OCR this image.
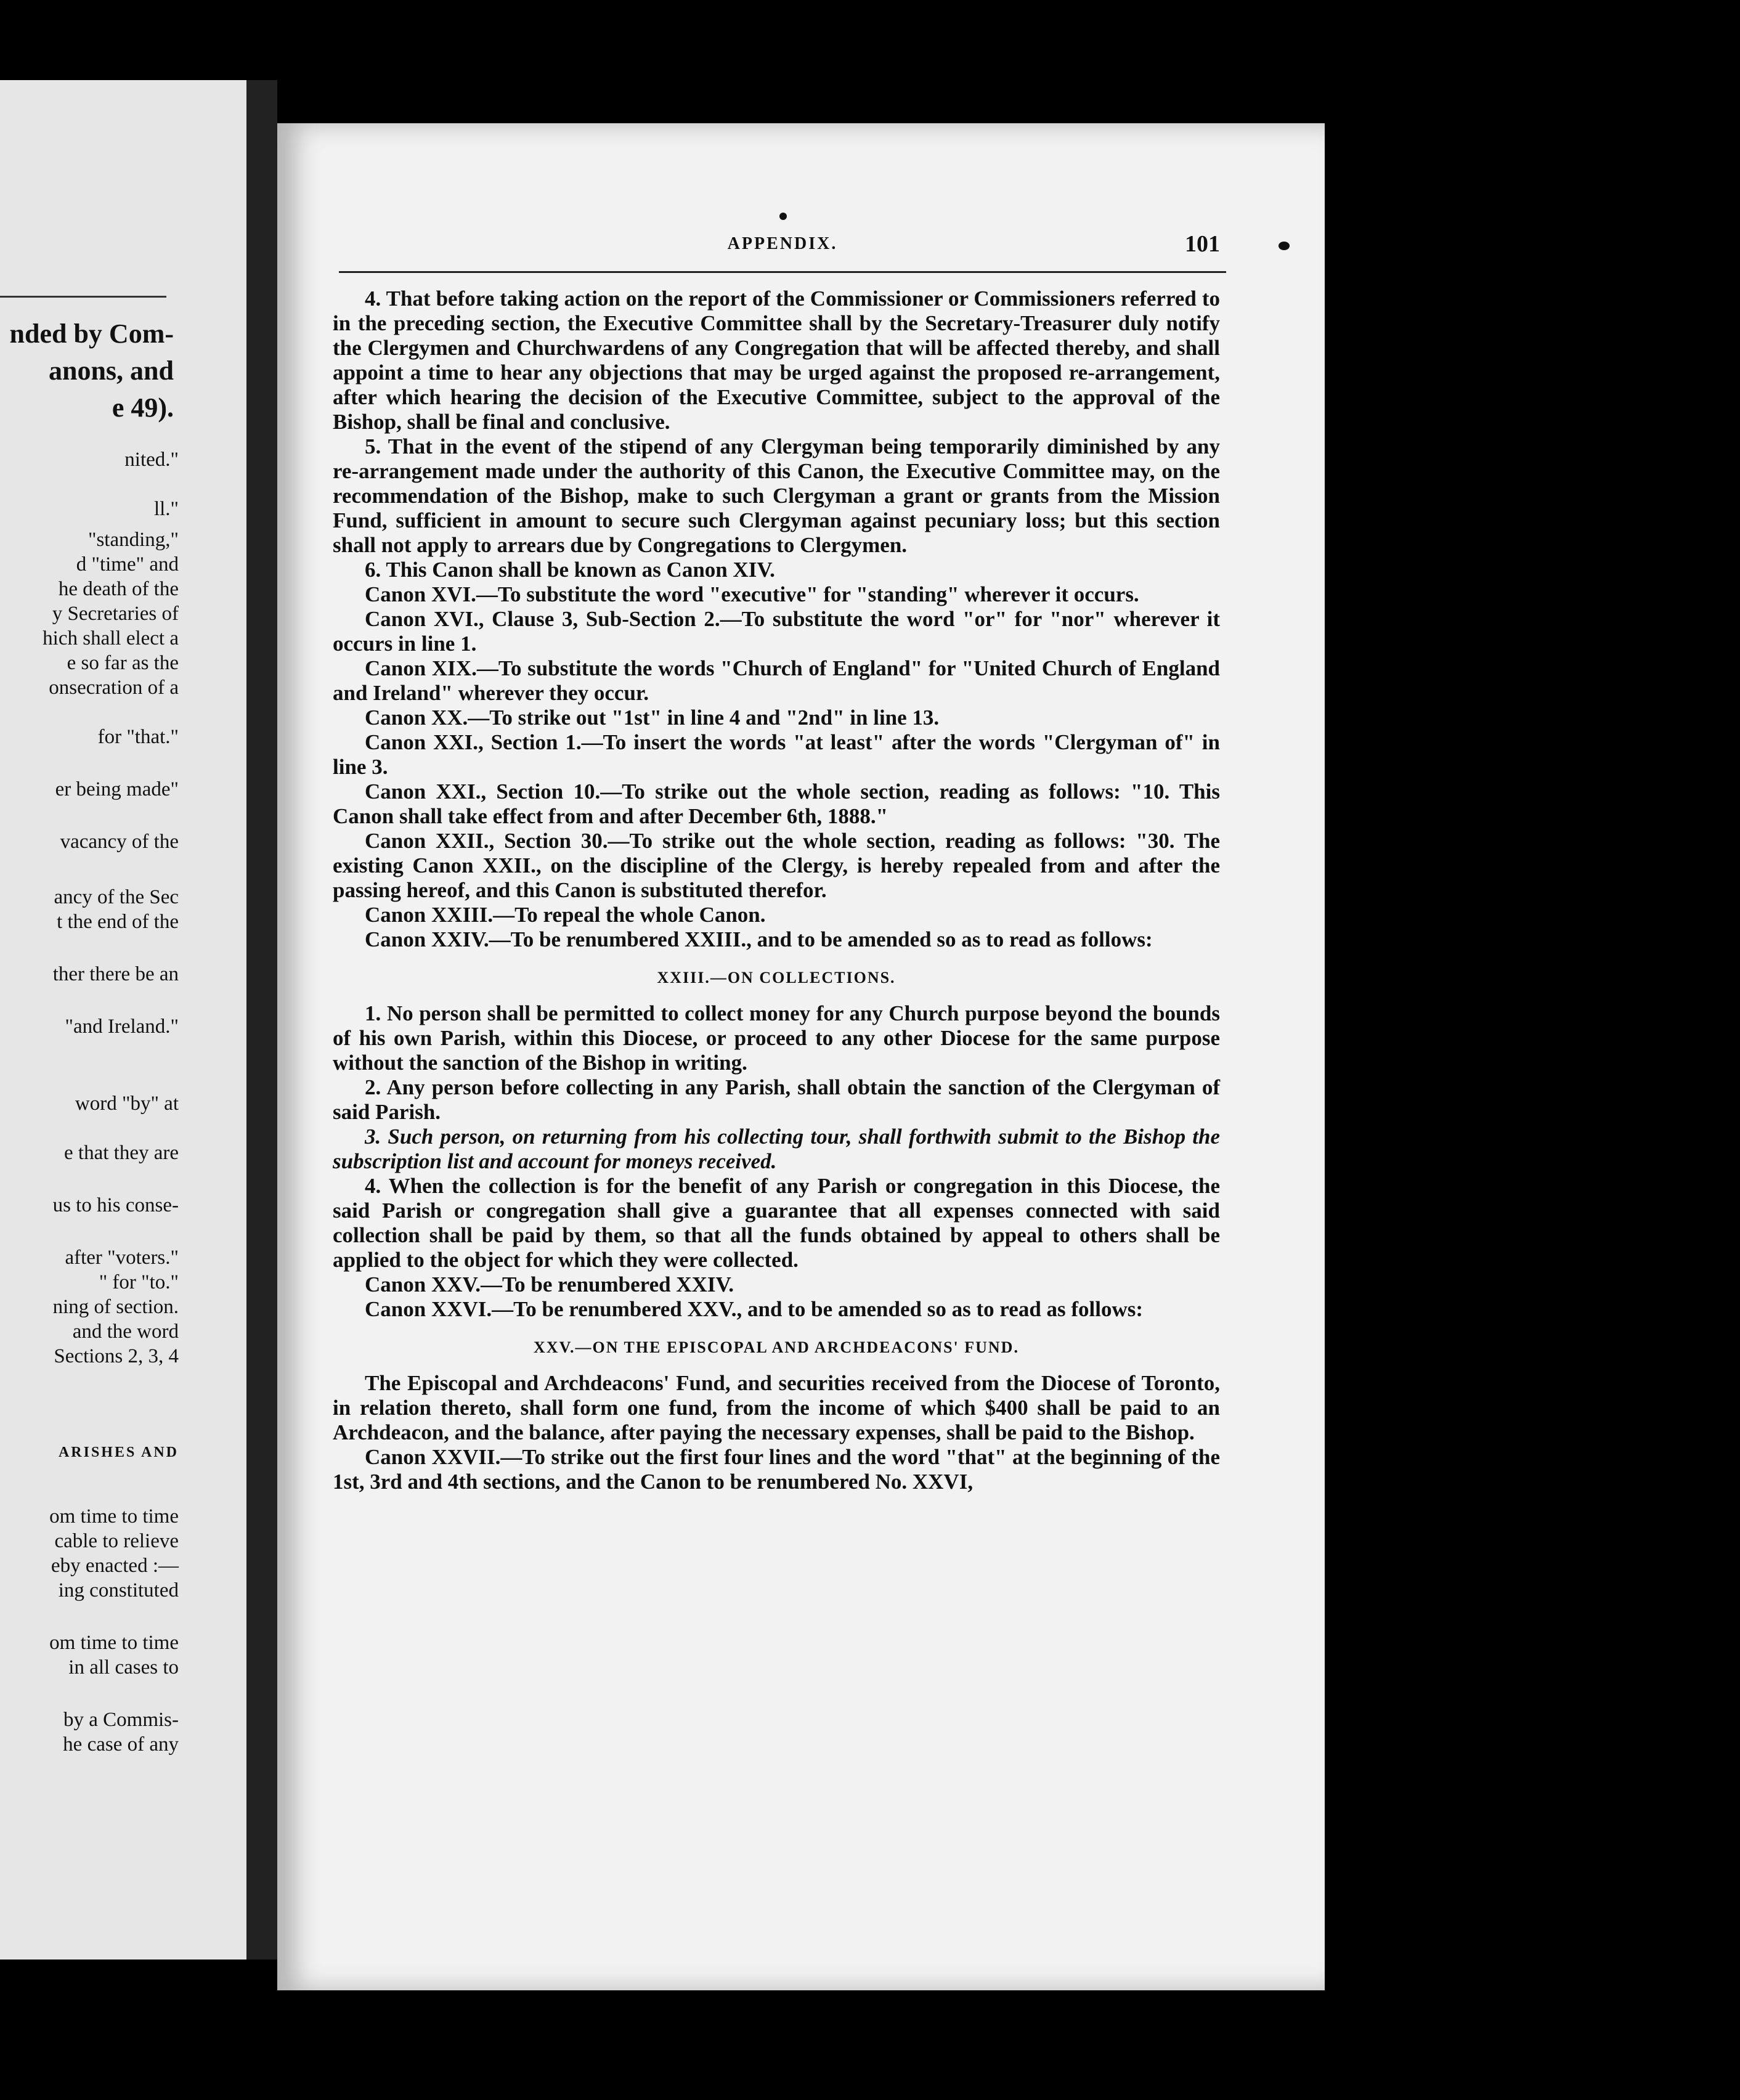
nded by Com-
anons, and
e 49).
nited."
ll."
"standing,"
d "time" and
he death of the
y Secretaries of
hich shall elect a
e so far as the
onsecration of a
for "that."
er being made"
vacancy of the
ancy of the Sec
t the end of the
ther there be an
"and Ireland."
word "by" at
e that they are
us to his conse-
after "voters."
" for "to."
ning of section.
and the word
Sections 2, 3, 4
ARISHES AND
om time to time
cable to relieve
eby enacted :—
ing constituted
om time to time
in all cases to
by a Commis-
he case of any
APPENDIX.	101

4. That before taking action on the report of the Commissioner or Commissioners referred to in the preceding section, the Executive Committee shall by the Secretary-Treasurer duly notify the Clergymen and Churchwardens of any Congregation that will be affected thereby, and shall appoint a time to hear any objections that may be urged against the proposed re-arrangement, after which hearing the decision of the Executive Committee, subject to the approval of the Bishop, shall be final and conclusive.

5. That in the event of the stipend of any Clergyman being temporarily diminished by any re-arrangement made under the authority of this Canon, the Executive Committee may, on the recommendation of the Bishop, make to such Clergyman a grant or grants from the Mission Fund, sufficient in amount to secure such Clergyman against pecuniary loss; but this section shall not apply to arrears due by Congregations to Clergymen.

6. This Canon shall be known as Canon XIV.

Canon XVI.—To substitute the word "executive" for "standing" wherever it occurs.

Canon XVI., Clause 3, Sub-Section 2.—To substitute the word "or" for "nor" wherever it occurs in line 1.

Canon XIX.—To substitute the words "Church of England" for "United Church of England and Ireland" wherever they occur.

Canon XX.—To strike out "1st" in line 4 and "2nd" in line 13.

Canon XXI., Section 1.—To insert the words "at least" after the words "Clergyman of" in line 3.

Canon XXI., Section 10.—To strike out the whole section, reading as follows: "10. This Canon shall take effect from and after December 6th, 1888."

Canon XXII., Section 30.—To strike out the whole section, reading as follows: "30. The existing Canon XXII., on the discipline of the Clergy, is hereby repealed from and after the passing hereof, and this Canon is substituted therefor.

Canon XXIII.—To repeal the whole Canon.

Canon XXIV.—To be renumbered XXIII., and to be amended so as to read as follows:

XXIII.—ON COLLECTIONS.

1. No person shall be permitted to collect money for any Church purpose beyond the bounds of his own Parish, within this Diocese, or proceed to any other Diocese for the same purpose without the sanction of the Bishop in writing.

2. Any person before collecting in any Parish, shall obtain the sanction of the Clergyman of said Parish.

3. Such person, on returning from his collecting tour, shall forthwith submit to the Bishop the subscription list and account for moneys received.

4. When the collection is for the benefit of any Parish or congregation in this Diocese, the said Parish or congregation shall give a guarantee that all expenses connected with said collection shall be paid by them, so that all the funds obtained by appeal to others shall be applied to the object for which they were collected.

Canon XXV.—To be renumbered XXIV.

Canon XXVI.—To be renumbered XXV., and to be amended so as to read as follows:

XXV.—ON THE EPISCOPAL AND ARCHDEACONS' FUND.

The Episcopal and Archdeacons' Fund, and securities received from the Diocese of Toronto, in relation thereto, shall form one fund, from the income of which $400 shall be paid to an Archdeacon, and the balance, after paying the necessary expenses, shall be paid to the Bishop.

Canon XXVII.—To strike out the first four lines and the word "that" at the beginning of the 1st, 3rd and 4th sections, and the Canon to be renumbered No. XXVI,
